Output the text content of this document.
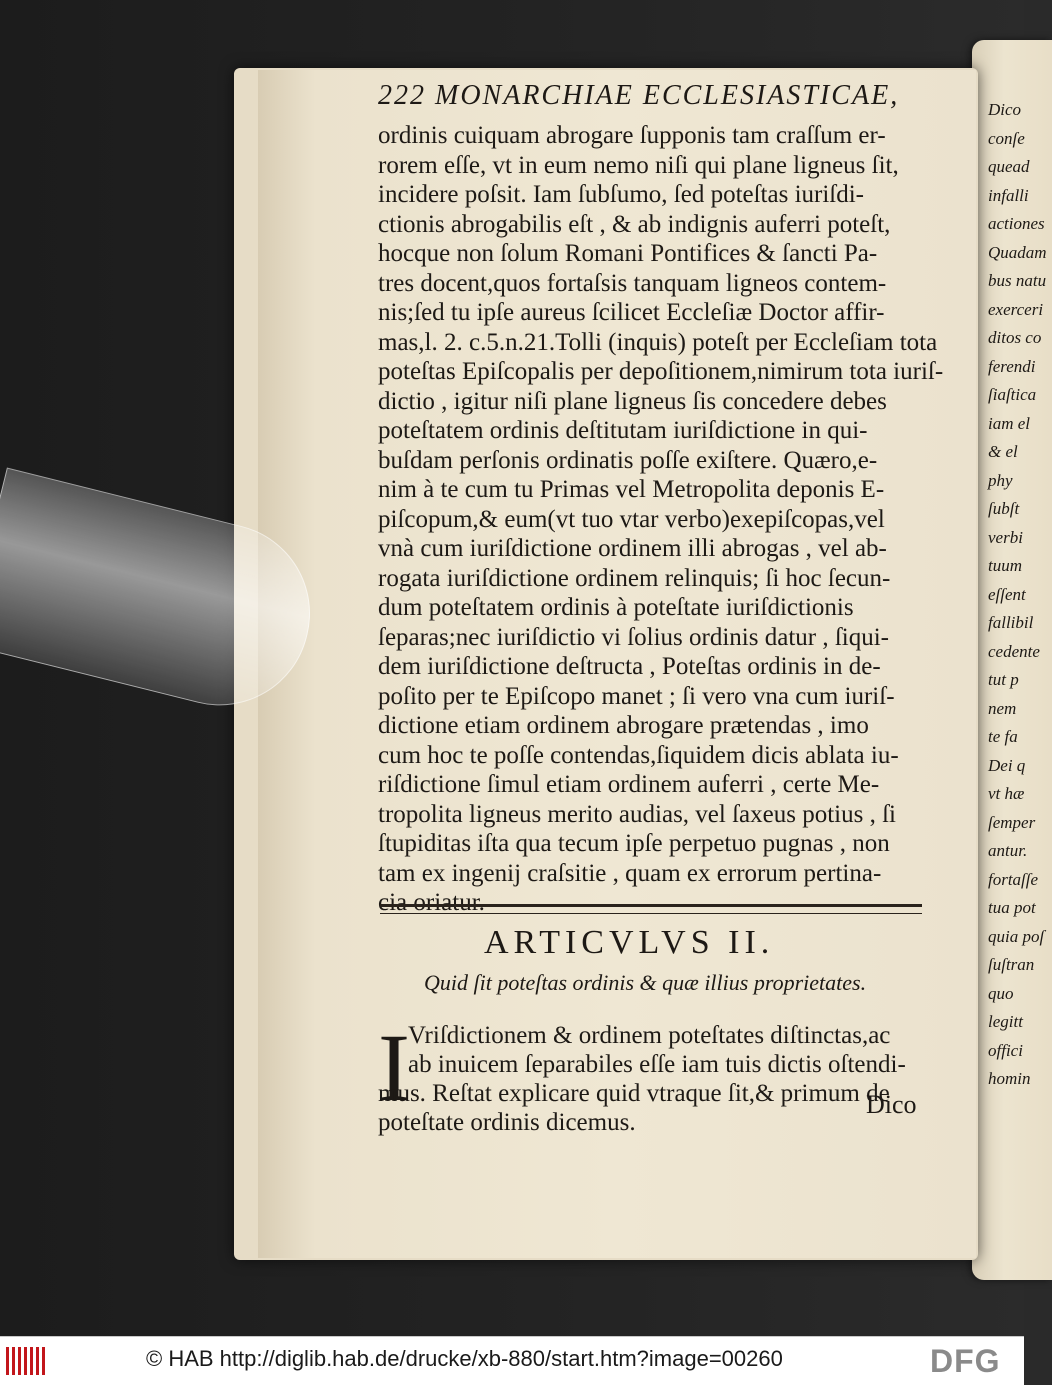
222 MONARCHIAE ECCLESIASTICAE,
ordinis cuiquam abrogare ſupponis tam craſſum er-
rorem eſſe, vt in eum nemo niſi qui plane ligneus ſit,
incidere poſsit. Iam ſubſumo, ſed poteſtas iuriſdi-
ctionis abrogabilis eſt , & ab indignis auferri poteſt,
hocque non ſolum Romani Pontifices & ſancti Pa-
tres docent,quos fortaſsis tanquam ligneos contem-
nis;ſed tu ipſe aureus ſcilicet Eccleſiæ Doctor affir-
mas,l. 2. c.5.n.21.Tolli (inquis) poteſt per Eccleſiam tota
poteſtas Epiſcopalis per depoſitionem,nimirum tota iuriſ-
dictio , igitur niſi plane ligneus ſis concedere debes
poteſtatem ordinis deſtitutam iuriſdictione in qui-
buſdam perſonis ordinatis poſſe exiſtere. Quæro,e-
nim à te cum tu Primas vel Metropolita deponis E-
piſcopum,& eum(vt tuo vtar verbo)exepiſcopas,vel
vnà cum iuriſdictione ordinem illi abrogas , vel ab-
rogata iuriſdictione ordinem relinquis; ſi hoc ſecun-
dum poteſtatem ordinis à poteſtate iuriſdictionis
ſeparas;nec iuriſdictio vi ſolius ordinis datur , ſiqui-
dem iuriſdictione deſtructa , Poteſtas ordinis in de-
poſito per te Epiſcopo manet ; ſi vero vna cum iuriſ-
dictione etiam ordinem abrogare prætendas , imo
cum hoc te poſſe contendas,ſiquidem dicis ablata iu-
riſdictione ſimul etiam ordinem auferri , certe Me-
tropolita ligneus merito audias, vel ſaxeus potius , ſi
ſtupiditas iſta qua tecum ipſe perpetuo pugnas , non
tam ex ingenij craſsitie , quam ex errorum pertina-
cia oriatur.
ARTICVLVS II.
Quid ſit poteſtas ordinis & quæ illius proprietates.
I
Vriſdictionem & ordinem poteſtates diſtinctas,ac
ab inuicem ſeparabiles eſſe iam tuis dictis oſtendi-
mus. Reſtat explicare quid vtraque ſit,& primum de
poteſtate ordinis dicemus.
Dico
Dico
conſe
quead
infalli
actiones
Quadam
bus natu
exerceri
ditos co
ferendi
ſiaſtica
iam el
& el
phy
ſubſt
verbi
tuum
eſſent
fallibil
cedente
tut p
nem
te fa
Dei q
vt hæ
ſemper
antur.
fortaſſe
tua pot
quia poſ
ſuſtran
quo
legitt
offici
homin
© HAB http://diglib.hab.de/drucke/xb-880/start.htm?image=00260	DFG
